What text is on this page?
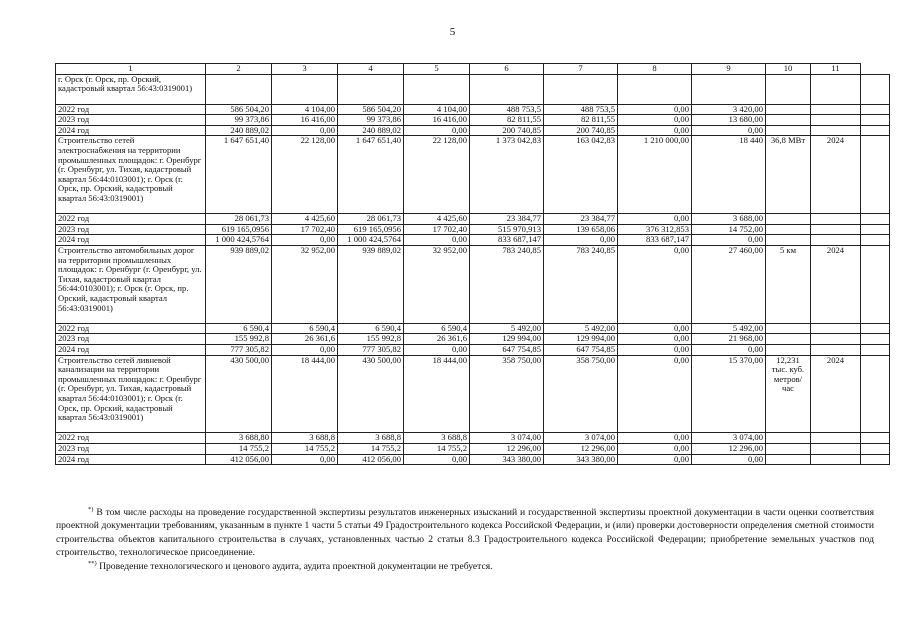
5
1	2	3	4	5	6	7	8	9	10	11	
г. Орск (г. Орск, пр. Орский, кадастровый квартал 56:43:0319001)											
2022 год	586 504,20	4 104,00	586 504,20	4 104,00	488 753,5	488 753,5	0,00	3 420,00			
2023 год	99 373,86	16 416,00	99 373,86	16 416,00	82 811,55	82 811,55	0,00	13 680,00			
2024 год	240 889,02	0,00	240 889,02	0,00	200 740,85	200 740,85	0,00	0,00			
Строительство сетей электроснабжения на территории промышленных площадок: г. Оренбург (г. Оренбург, ул. Тихая, кадастровый квартал 56:44:0103001); г. Орск (г. Орск, пр. Орский, кадастровый квартал 56:43:0319001)	1 647 651,40	22 128,00	1 647 651,40	22 128,00	1 373 042,83	163 042,83	1 210 000,00	18 440	36,8 МВт	2024	
2022 год	28 061,73	4 425,60	28 061,73	4 425,60	23 384,77	23 384,77	0,00	3 688,00			
2023 год	619 165,0956	17 702,40	619 165,0956	17 702,40	515 970,913	139 658,06	376 312,853	14 752,00			
2024 год	1 000 424,5764	0,00	1 000 424,5764	0,00	833 687,147	0,00	833 687,147	0,00			
Строительство автомобильных дорог на территории промышленных площадок: г. Оренбург (г. Оренбург, ул. Тихая, кадастровый квартал 56:44:0103001); г. Орск (г. Орск, пр. Орский, кадастровый квартал 56:43:0319001)	939 889,02	32 952,00	939 889,02	32 952,00	783 240,85	783 240,85	0,00	27 460,00	5 км	2024	
2022 год	6 590,4	6 590,4	6 590,4	6 590,4	5 492,00	5 492,00	0,00	5 492,00			
2023 год	155 992,8	26 361,6	155 992,8	26 361,6	129 994,00	129 994,00	0,00	21 968,00			
2024 год	777 305,82	0,00	777 305,82	0,00	647 754,85	647 754,85	0,00	0,00			
Строительство сетей ливневой канализации на территории промышленных площадок: г. Оренбург (г. Оренбург, ул. Тихая, кадастровый квартал 56:44:0103001); г. Орск (г. Орск, пр. Орский, кадастровый квартал 56:43:0319001)	430 500,00	18 444,00	430 500,00	18 444,00	358 750,00	358 750,00	0,00	15 370,00	12,231 тыс. куб. метров/час	2024	
2022 год	3 688,80	3 688,8	3 688,8	3 688,8	3 074,00	3 074,00	0,00	3 074,00			
2023 год	14 755,2	14 755,2	14 755,2	14 755,2	12 296,00	12 296,00	0,00	12 296,00			
2024 год	412 056,00	0,00	412 056,00	0,00	343 380,00	343 380,00	0,00	0,00			

*) В том числе расходы на проведение государственной экспертизы результатов инженерных изысканий и государственной экспертизы проектной документации в части оценки соответствия проектной документации требованиям, указанным в пункте 1 части 5 статьи 49 Градостроительного кодекса Российской Федерации, и (или) проверки достоверности определения сметной стоимости строительства объектов капитального строительства в случаях, установленных частью 2 статьи 8.3 Градостроительного кодекса Российской Федерации; приобретение земельных участков под строительство, технологическое присоединение.

**) Проведение технологического и ценового аудита, аудита проектной документации не требуется.
